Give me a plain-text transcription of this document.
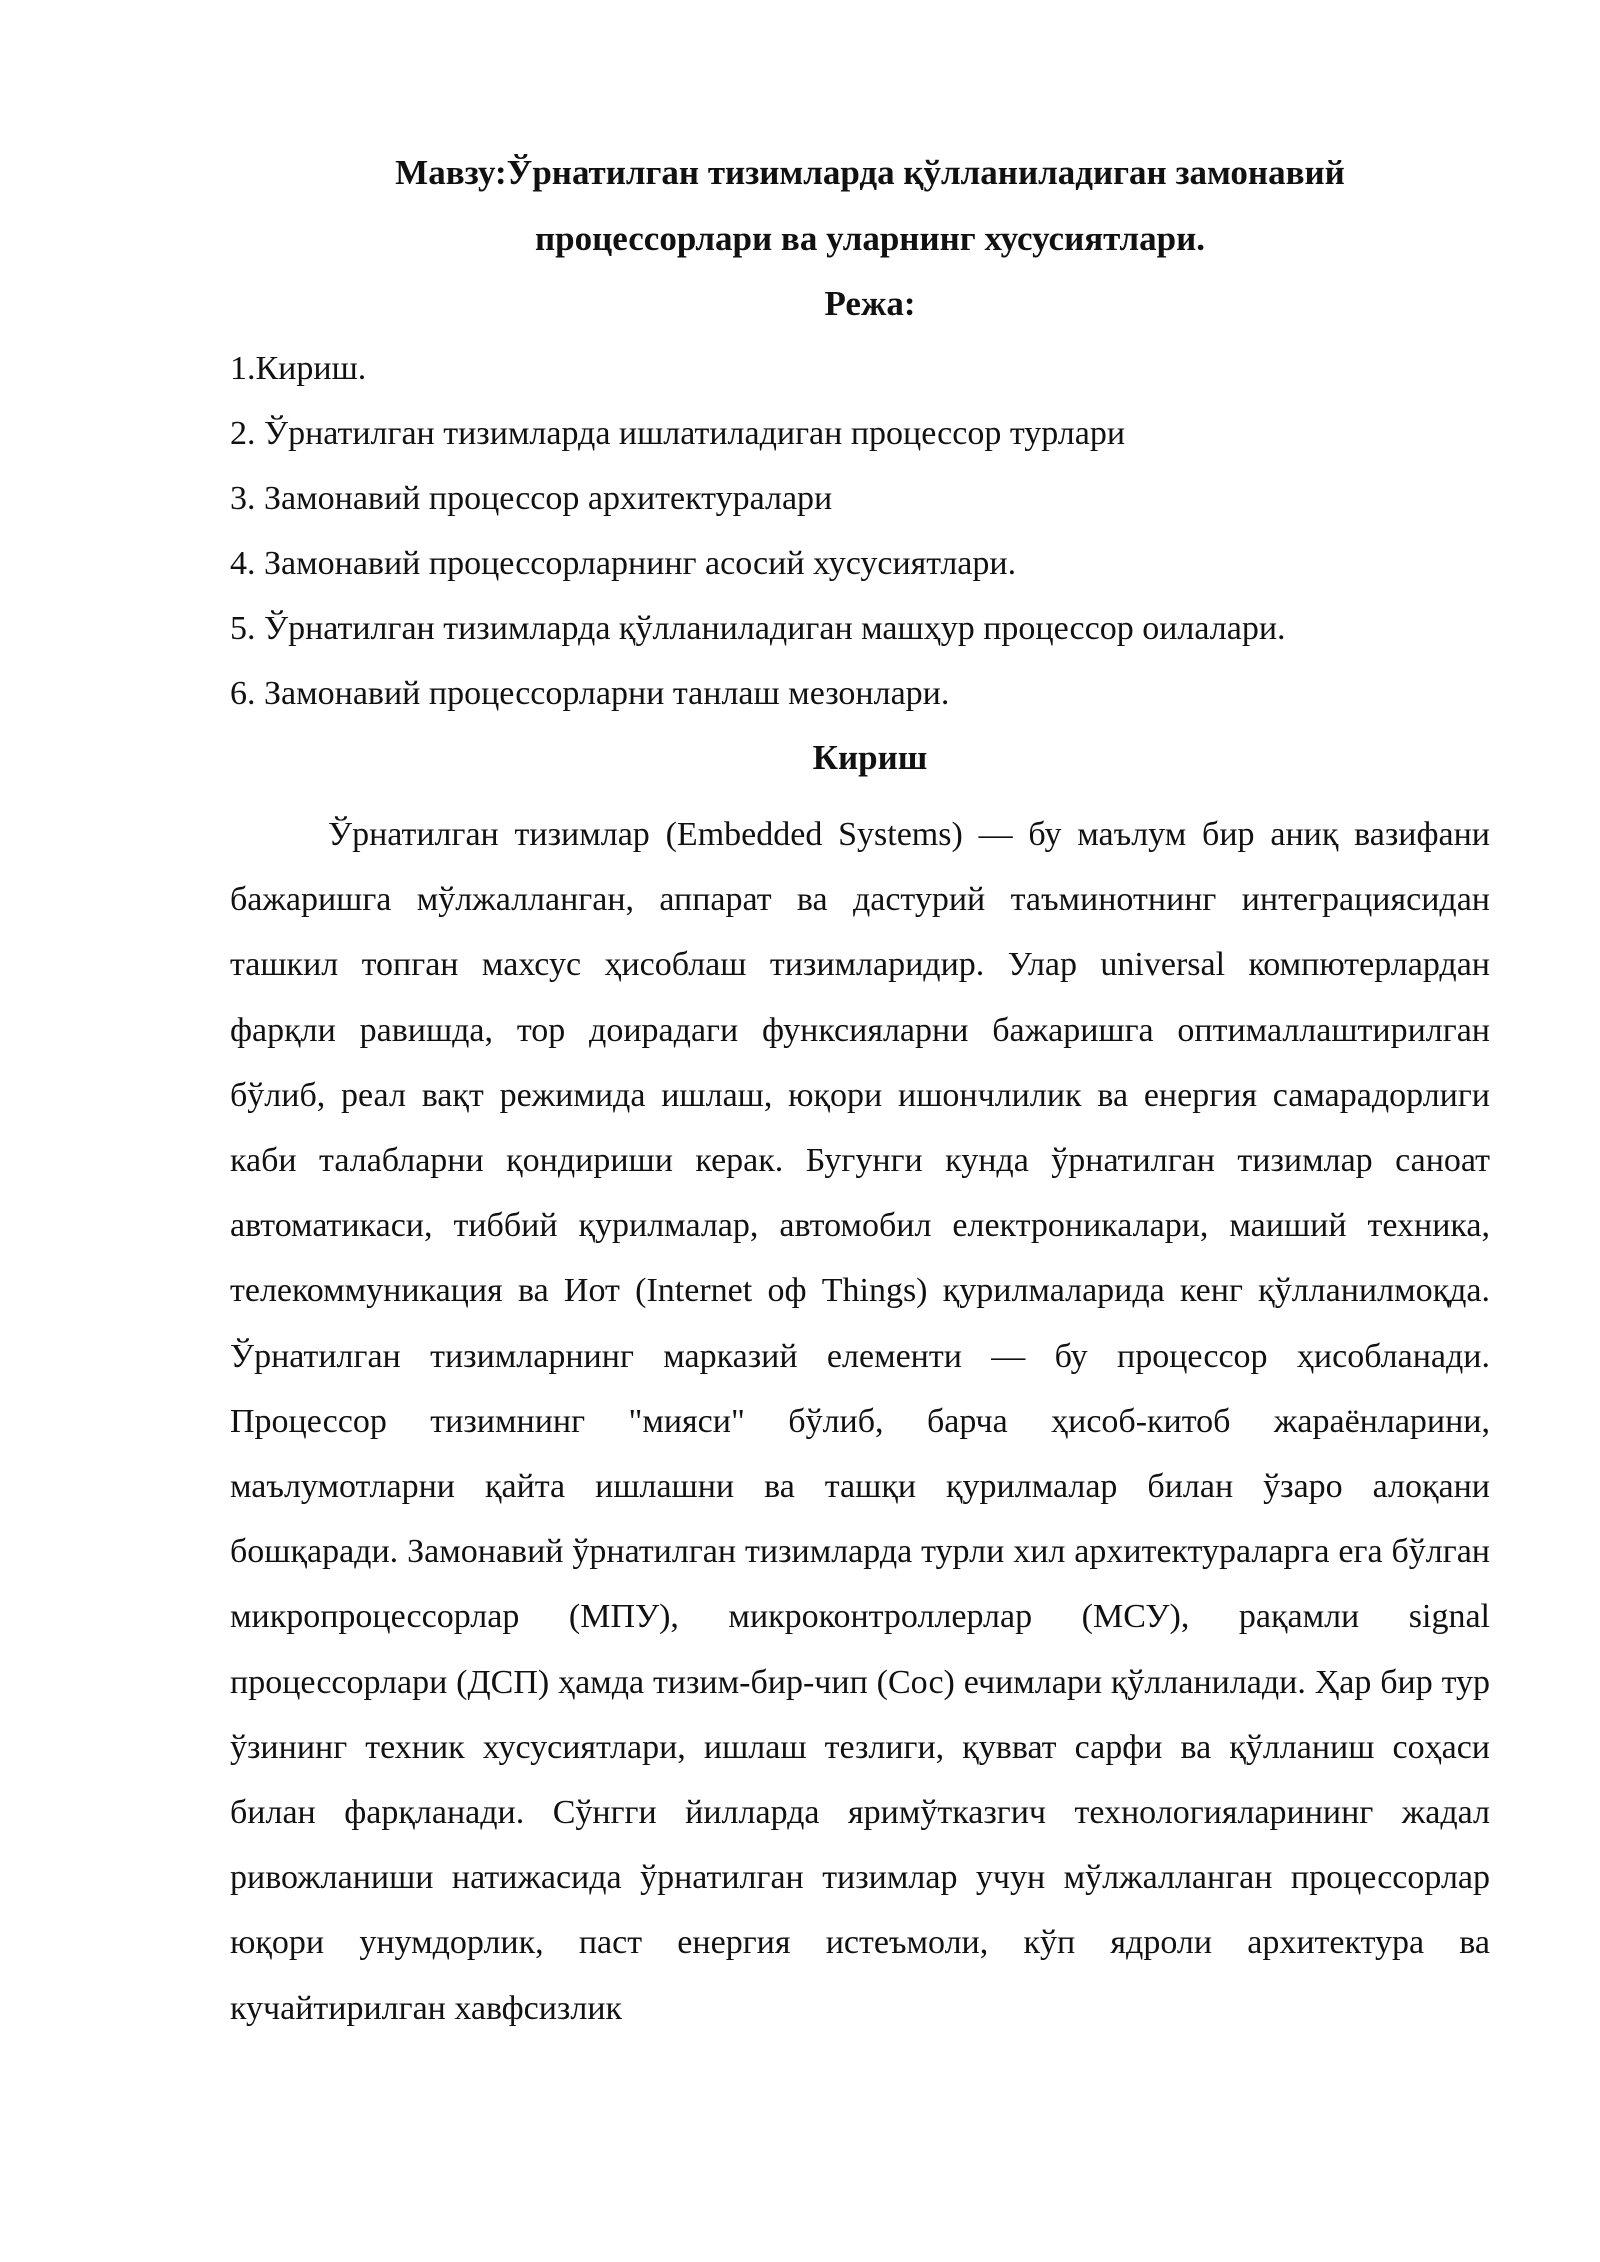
Мавзу:Ўрнатилган тизимларда қўлланиладиган замонавий
процессорлари ва уларнинг хусусиятлари.
Режа:
1.Кириш.
2. Ўрнатилган тизимларда ишлатиладиган процессор турлари
3. Замонавий процессор архитектуралари
4. Замонавий процессорларнинг асосий хусусиятлари.
5. Ўрнатилган тизимларда қўлланиладиган машҳур процессор оилалари.
6. Замонавий процессорларни танлаш мезонлари.
Кириш

Ўрнатилган тизимлар (Embedded Systems) — бу маълум бир аниқ вазифани бажаришга мўлжалланган, аппарат ва дастурий таъминотнинг интеграциясидан ташкил топган махсус ҳисоблаш тизимларидир. Улар universal компютерлардан фарқли равишда, тор доирадаги функсияларни бажаришга оптималлаштирилган бўлиб, реал вақт режимида ишлаш, юқори ишончлилик ва енергия самарадорлиги каби талабларни қондириши керак. Бугунги кунда ўрнатилган тизимлар саноат автоматикаси, тиббий қурилмалар, автомобил електроникалари, маиший техника, телекоммуникация ва Иот (Internet оф Things) қурилмаларида кенг қўлланилмоқда. Ўрнатилган тизимларнинг марказий елементи — бу процессор ҳисобланади. Процессор тизимнинг "мияси" бўлиб, барча ҳисоб-китоб жараёнларини, маълумотларни қайта ишлашни ва ташқи қурилмалар билан ўзаро алоқани бошқаради. Замонавий ўрнатилган тизимларда турли хил архитектураларга ега бўлган микропроцессорлар (МПУ), микроконтроллерлар (МСУ), рақамли signal процессорлари (ДСП) ҳамда тизим-бир-чип (Сос) ечимлари қўлланилади. Ҳар бир тур ўзининг техник хусусиятлари, ишлаш тезлиги, қувват сарфи ва қўлланиш соҳаси билан фарқланади. Сўнгги йилларда яримўтказгич технологияларининг жадал ривожланиши натижасида ўрнатилган тизимлар учун мўлжалланган процессорлар юқори унумдорлик, паст енергия истеъмоли, кўп ядроли архитектура ва кучайтирилган хавфсизлик
